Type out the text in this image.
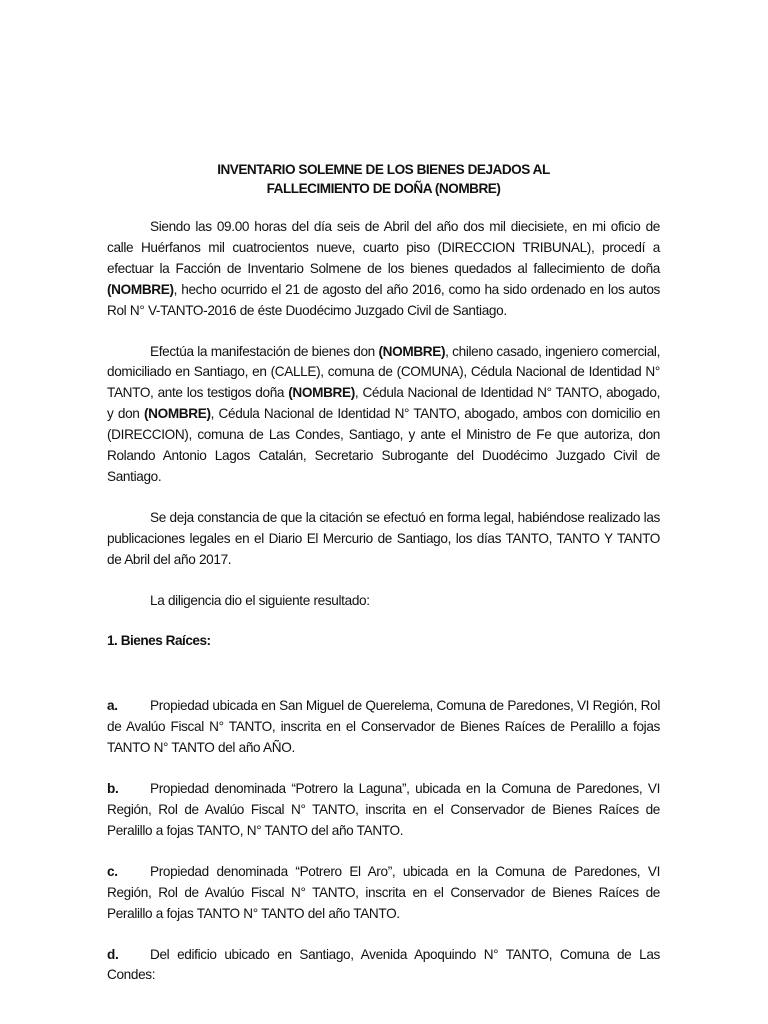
INVENTARIO SOLEMNE DE LOS BIENES DEJADOS AL
FALLECIMIENTO DE DOÑA (NOMBRE)

Siendo las 09.00 horas del día seis de Abril del año dos mil diecisiete, en mi oficio de calle Huérfanos mil cuatrocientos nueve, cuarto piso (DIRECCION TRIBUNAL), procedí a efectuar la Facción de Inventario Solmene de los bienes quedados al fallecimiento de doña (NOMBRE), hecho ocurrido el 21 de agosto del año 2016, como ha sido ordenado en los autos Rol N° V-TANTO-2016 de éste Duodécimo Juzgado Civil de Santiago.

Efectúa la manifestación de bienes don (NOMBRE), chileno casado, ingeniero comercial, domiciliado en Santiago, en (CALLE), comuna de (COMUNA), Cédula Nacional de Identidad N° TANTO, ante los testigos doña (NOMBRE), Cédula Nacional de Identidad N° TANTO, abogado, y don (NOMBRE), Cédula Nacional de Identidad N° TANTO, abogado, ambos con domicilio en (DIRECCION), comuna de Las Condes, Santiago, y ante el Ministro de Fe que autoriza, don Rolando Antonio Lagos Catalán, Secretario Subrogante del Duodécimo Juzgado Civil de Santiago.

Se deja constancia de que la citación se efectuó en forma legal, habiéndose realizado las publicaciones legales en el Diario El Mercurio de Santiago, los días TANTO, TANTO Y TANTO de Abril del año 2017.

La diligencia dio el siguiente resultado:

1. Bienes Raíces:

a. Propiedad ubicada en San Miguel de Querelema, Comuna de Paredones, VI Región, Rol de Avalúo Fiscal N° TANTO, inscrita en el Conservador de Bienes Raíces de Peralillo a fojas TANTO N° TANTO del año AÑO.

b. Propiedad denominada “Potrero la Laguna”, ubicada en la Comuna de Paredones, VI Región, Rol de Avalúo Fiscal N° TANTO, inscrita en el Conservador de Bienes Raíces de Peralillo a fojas TANTO, N° TANTO del año TANTO.

c. Propiedad denominada “Potrero El Aro”, ubicada en la Comuna de Paredones, VI Región, Rol de Avalúo Fiscal N° TANTO, inscrita en el Conservador de Bienes Raíces de Peralillo a fojas TANTO N° TANTO del año TANTO.

d. Del edificio ubicado en Santiago, Avenida Apoquindo N° TANTO, Comuna de Las Condes:
